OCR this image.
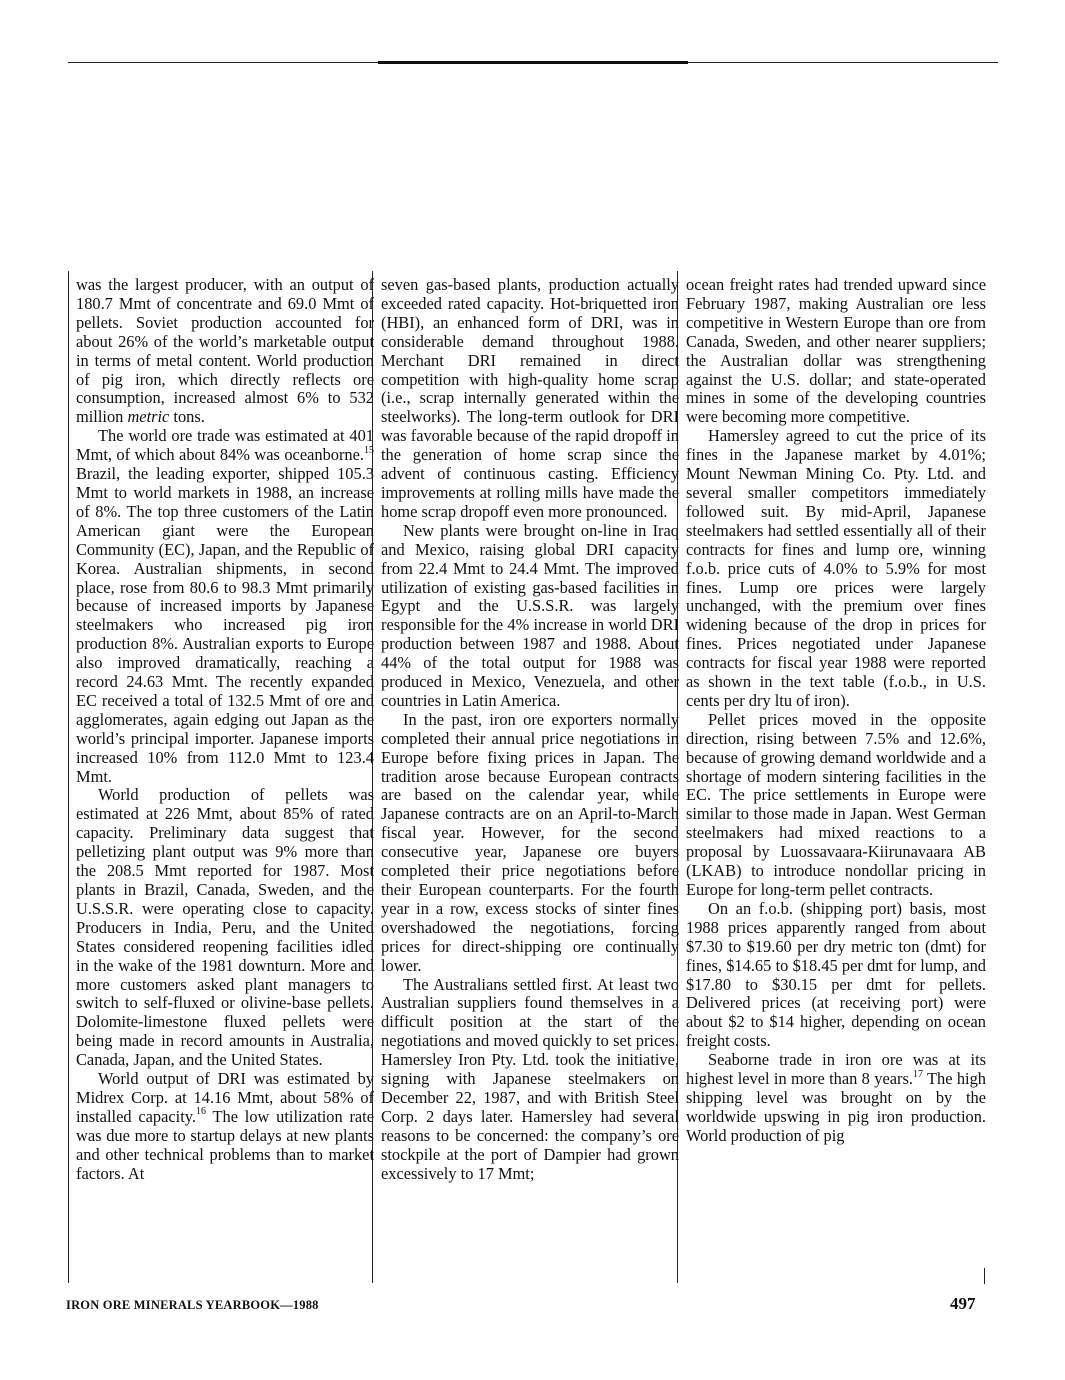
was the largest producer, with an output of 180.7 Mmt of concentrate and 69.0 Mmt of pellets. Soviet production accounted for about 26% of the world’s marketable output in terms of metal content. World production of pig iron, which directly reflects ore consumption, increased almost 6% to 532 million metric tons.

The world ore trade was estimated at 401 Mmt, of which about 84% was oceanborne.$^{15}$ Brazil, the leading exporter, shipped 105.3 Mmt to world markets in 1988, an increase of 8%. The top three customers of the Latin American giant were the European Community (EC), Japan, and the Republic of Korea. Australian shipments, in second place, rose from 80.6 to 98.3 Mmt primarily because of increased imports by Japanese steelmakers who increased pig iron production 8%. Australian exports to Europe also improved dramatically, reaching a record 24.63 Mmt. The recently expanded EC received a total of 132.5 Mmt of ore and agglomerates, again edging out Japan as the world’s principal importer. Japanese imports increased 10% from 112.0 Mmt to 123.4 Mmt.

World production of pellets was estimated at 226 Mmt, about 85% of rated capacity. Preliminary data suggest that pelletizing plant output was 9% more than the 208.5 Mmt reported for 1987. Most plants in Brazil, Canada, Sweden, and the U.S.S.R. were operating close to capacity. Producers in India, Peru, and the United States considered reopening facilities idled in the wake of the 1981 downturn. More and more customers asked plant managers to switch to self-fluxed or olivine-base pellets. Dolomite-limestone fluxed pellets were being made in record amounts in Australia, Canada, Japan, and the United States.

World output of DRI was estimated by Midrex Corp. at 14.16 Mmt, about 58% of installed capacity.$^{16}$ The low utilization rate was due more to startup delays at new plants and other technical problems than to market factors. At

seven gas-based plants, production actually exceeded rated capacity. Hot-briquetted iron (HBI), an enhanced form of DRI, was in considerable demand throughout 1988. Merchant DRI remained in direct competition with high-quality home scrap (i.e., scrap internally generated within the steelworks). The long-term outlook for DRI was favorable because of the rapid dropoff in the generation of home scrap since the advent of continuous casting. Efficiency improvements at rolling mills have made the home scrap dropoff even more pronounced.

New plants were brought on-line in Iraq and Mexico, raising global DRI capacity from 22.4 Mmt to 24.4 Mmt. The improved utilization of existing gas-based facilities in Egypt and the U.S.S.R. was largely responsible for the 4% increase in world DRI production between 1987 and 1988. About 44% of the total output for 1988 was produced in Mexico, Venezuela, and other countries in Latin America.

In the past, iron ore exporters normally completed their annual price negotiations in Europe before fixing prices in Japan. The tradition arose because European contracts are based on the calendar year, while Japanese contracts are on an April-to-March fiscal year. However, for the second consecutive year, Japanese ore buyers completed their price negotiations before their European counterparts. For the fourth year in a row, excess stocks of sinter fines overshadowed the negotiations, forcing prices for direct-shipping ore continually lower.

The Australians settled first. At least two Australian suppliers found themselves in a difficult position at the start of the negotiations and moved quickly to set prices. Hamersley Iron Pty. Ltd. took the initiative, signing with Japanese steelmakers on December 22, 1987, and with British Steel Corp. 2 days later. Hamersley had several reasons to be concerned: the company’s ore stockpile at the port of Dampier had grown excessively to 17 Mmt;

ocean freight rates had trended upward since February 1987, making Australian ore less competitive in Western Europe than ore from Canada, Sweden, and other nearer suppliers; the Australian dollar was strengthening against the U.S. dollar; and state-operated mines in some of the developing countries were becoming more competitive.

Hamersley agreed to cut the price of its fines in the Japanese market by 4.01%; Mount Newman Mining Co. Pty. Ltd. and several smaller competitors immediately followed suit. By mid-April, Japanese steelmakers had settled essentially all of their contracts for fines and lump ore, winning f.o.b. price cuts of 4.0% to 5.9% for most fines. Lump ore prices were largely unchanged, with the premium over fines widening because of the drop in prices for fines. Prices negotiated under Japanese contracts for fiscal year 1988 were reported as shown in the text table (f.o.b., in U.S. cents per dry ltu of iron).

Pellet prices moved in the opposite direction, rising between 7.5% and 12.6%, because of growing demand worldwide and a shortage of modern sintering facilities in the EC. The price settlements in Europe were similar to those made in Japan. West German steelmakers had mixed reactions to a proposal by Luossavaara-Kiirunavaara AB (LKAB) to introduce nondollar pricing in Europe for long-term pellet contracts.

On an f.o.b. (shipping port) basis, most 1988 prices apparently ranged from about $7.30 to $19.60 per dry metric ton (dmt) for fines, $14.65 to $18.45 per dmt for lump, and $17.80 to $30.15 per dmt for pellets. Delivered prices (at receiving port) were about $2 to $14 higher, depending on ocean freight costs.

Seaborne trade in iron ore was at its highest level in more than 8 years.$^{17}$ The high shipping level was brought on by the worldwide upswing in pig iron production. World production of pig

IRON ORE MINERALS YEARBOOK—1988	497
